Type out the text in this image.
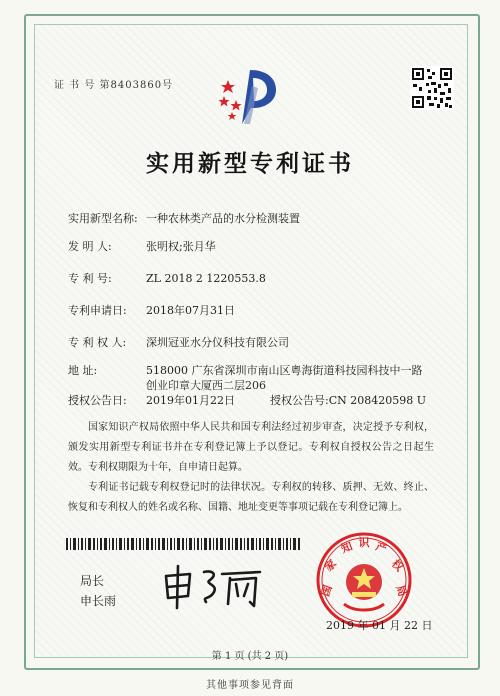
证 书 号 第8403860号
实用新型专利证书
实用新型名称: 一种农林类产品的水分检测装置
发 明 人:	张明权;张月华
专 利 号:	ZL 2018 2 1220553.8
专利申请日: 2018年07月31日
专 利 权 人: 深圳冠亚水分仪科技有限公司
地 址:	518000 广东省深圳市南山区粤海街道科技园科技中一路
创业印章大厦西二层206
授权公告日: 2019年01月22日	授权公告号:CN 208420598 U
国家知识产权局依照中华人民共和国专利法经过初步审查，决定授予专利权，颁发实用新型专利证书并在专利登记簿上予以登记。专利权自授权公告之日起生效。专利权期限为十年，自申请日起算。
专利证书记载专利权登记时的法律状况。专利权的转移、质押、无效、终止、恢复和专利权人的姓名或名称、国籍、地址变更等事项记载在专利登记簿上。
局长
申长雨
国
家
知 识 产
权
局
2019 年 01 月 22 日
第 1 页 (共 2 页)
其他事项参见背面
